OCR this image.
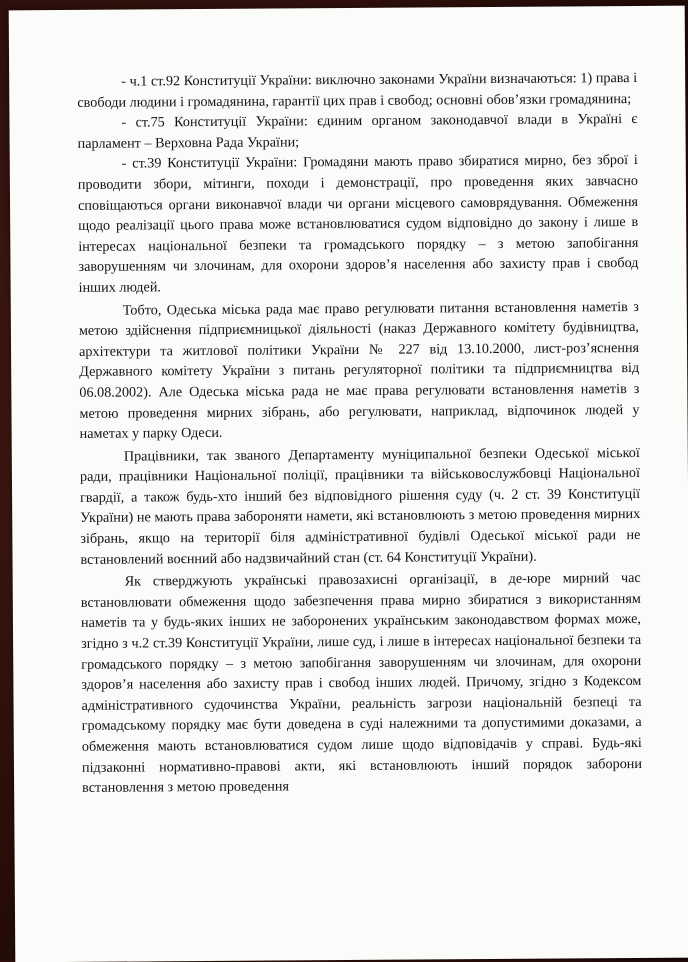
- ч.1 ст.92 Конституції України: виключно законами України визначаються: 1) права і свободи людини і громадянина, гарантії цих прав і свобод; основні обов’язки громадянина;

- ст.75 Конституції України: єдиним органом законодавчої влади в Україні є парламент – Верховна Рада України;

- ст.39 Конституції України: Громадяни мають право збиратися мирно, без зброї і проводити збори, мітинги, походи і демонстрації, про проведення яких завчасно сповіщаються органи виконавчої влади чи органи місцевого самоврядування. Обмеження щодо реалізації цього права може встановлюватися судом відповідно до закону і лише в інтересах національної безпеки та громадського порядку – з метою запобігання заворушенням чи злочинам, для охорони здоров’я населення або захисту прав і свобод інших людей.

Тобто, Одеська міська рада має право регулювати питання встановлення наметів з метою здійснення підприємницької діяльності (наказ Державного комітету будівництва, архітектури та житлової політики України № 227 від 13.10.2000, лист-роз’яснення Державного комітету України з питань регуляторної політики та підприємництва від 06.08.2002). Але Одеська міська рада не має права регулювати встановлення наметів з метою проведення мирних зібрань, або регулювати, наприклад, відпочинок людей у наметах у парку Одеси.

Працівники, так званого Департаменту муніципальної безпеки Одеської міської ради, працівники Національної поліції, працівники та військовослужбовці Національної гвардії, а також будь-хто інший без відповідного рішення суду (ч. 2 ст. 39 Конституції України) не мають права забороняти намети, які встановлюють з метою проведення мирних зібрань, якщо на території біля адміністративної будівлі Одеської міської ради не встановлений воєнний або надзвичайний стан (ст. 64 Конституції України).

Як стверджують українські правозахисні організації, в де-юре мирний час встановлювати обмеження щодо забезпечення права мирно збиратися з використанням наметів та у будь-яких інших не заборонених українським законодавством формах може, згідно з ч.2 ст.39 Конституції України, лише суд, і лише в інтересах національної безпеки та громадського порядку – з метою запобігання заворушенням чи злочинам, для охорони здоров’я населення або захисту прав і свобод інших людей. Причому, згідно з Кодексом адміністративного судочинства України, реальність загрози національній безпеці та громадському порядку має бути доведена в суді належними та допустимими доказами, а обмеження мають встановлюватися судом лише щодо відповідачів у справі. Будь-які підзаконні нормативно-правові акти, які встановлюють інший порядок заборони встановлення з метою проведення
